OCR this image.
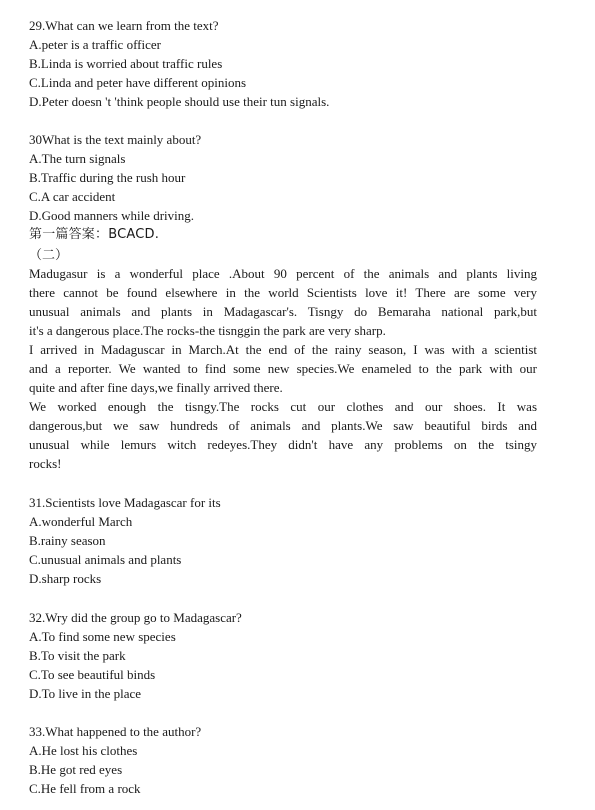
29.What can we learn from the text?
A.peter is a traffic officer
B.Linda is worried about traffic rules
C.Linda and peter have different opinions
D.Peter doesn 't 'think people should use their tun signals.
30What is the text mainly about?
A.The turn signals
B.Traffic during the rush hour
C.A car accident
D.Good manners while driving.
第一篇答案：BCACD.
（二）
Madugasur is a wonderful place .About 90 percent of the animals and plants living
there cannot be found elsewhere in the world Scientists love it! There are some very
unusual animals and plants in Madagascar's. Tisngy do Bemaraha national park,but
it's a dangerous place.The rocks-the tisnggin the park are very sharp.
I arrived in Madaguscar in March.At the end of the rainy season, I was with a scientist
and a reporter. We wanted to find some new species.We enameled to the park with our
quite and after fine days,we finally arrived there.
We worked enough the tisngy.The rocks cut our clothes and our shoes. It was
dangerous,but we saw hundreds of animals and plants.We saw beautiful birds and
unusual while lemurs witch redeyes.They didn't have any problems on the tsingy
rocks!
31.Scientists love Madagascar for its
A.wonderful March
B.rainy season
C.unusual animals and plants
D.sharp rocks
32.Wry did the group go to Madagascar?
A.To find some new species
B.To visit the park
C.To see beautiful binds
D.To live in the place
33.What happened to the author?
A.He lost his clothes
B.He got red eyes
C.He fell from a rock
